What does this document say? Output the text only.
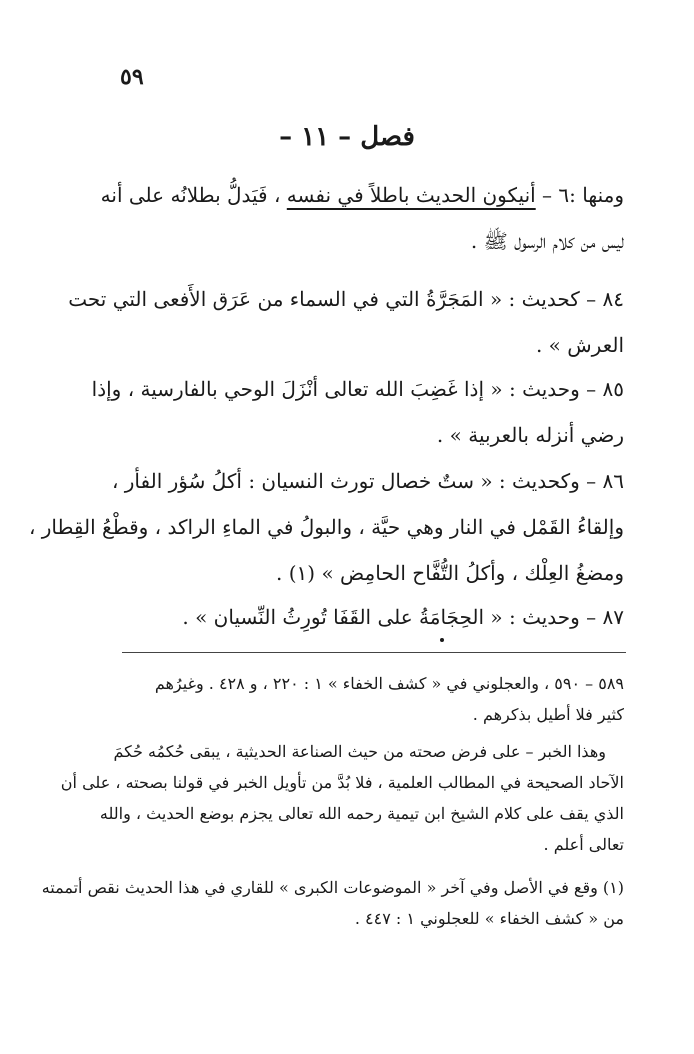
٥٩
فصل – ١١ –
ومنها :٦ – أنيكون الحديث باطلاً في نفسه ، فَيَدلُّ بطلانُه على أنه
ليس من كلام الرسول ﷺ .
٨٤ – كحديث : « المَجَرَّةُ التي في السماء من عَرَق الأَفعى التي تحت
العرش » .
٨٥ – وحديث : « إذا غَضِبَ الله تعالى أنْزَلَ الوحي بالفارسية ، وإذا
رضي أنزله بالعربية » .
٨٦ – وكحديث : « ستٌ خصال تورث النسيان : أكلُ سُؤر الفأر ،
وإلقاءُ القَمْل في النار وهي حيَّة ، والبولُ في الماءِ الراكد ، وقطْعُ القِطار ،
ومضغُ العِلْك ، وأكلُ التُّفَّاح الحامِض » (١) .
٨٧ – وحديث : « الحِجَامَةُ على القَفَا تُورِثُ النِّسيان » .
٥٨٩ – ٥٩٠ ، والعجلوني في « كشف الخفاء » ١ : ٢٢٠ ، و ٤٢٨ . وغيرُهم
كثير فلا أطيل بذكرهم .
وهذا الخبر – على فرض صحته من حيث الصناعة الحديثية ، يبقى حُكمُه حُكمَ
الآحاد الصحيحة في المطالب العلمية ، فلا بُدَّ من تأويل الخبر في قولنا بصحته ، على أن
الذي يقف على كلام الشيخ ابن تيمية رحمه الله تعالى يجزم بوضع الحديث ، والله
تعالى أعلم .
(١) وقع في الأصل وفي آخر « الموضوعات الكبرى » للقاري في هذا الحديث نقص أتممته
من « كشف الخفاء » للعجلوني ١ : ٤٤٧ .
